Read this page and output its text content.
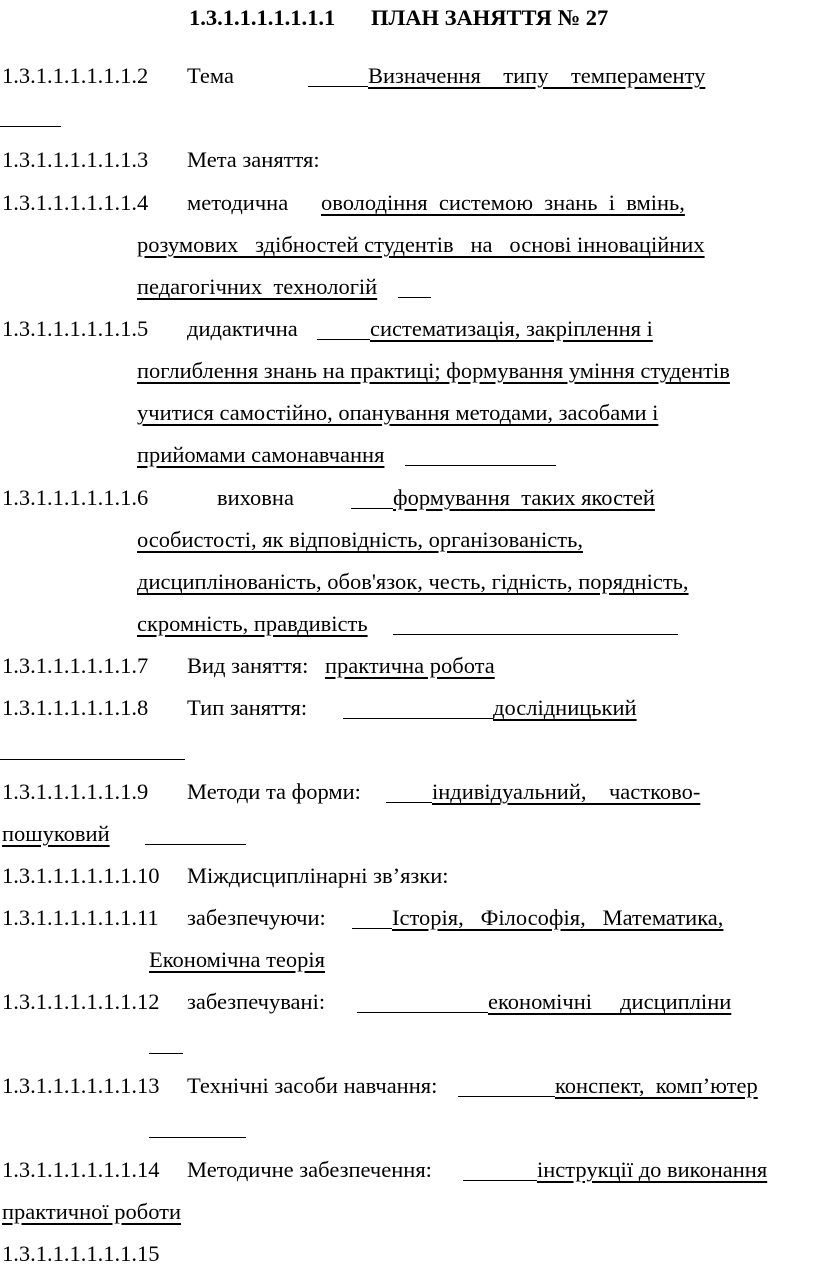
1.3.1.1.1.1.1.1.1 ПЛАН ЗАНЯТТЯ № 27
1.3.1.1.1.1.1.1.2 Тема	Визначення    типу    темпераменту
1.3.1.1.1.1.1.1.3 Мета заняття:
1.3.1.1.1.1.1.1.4 методична оволодіння  системою  знань  і  вмінь,
розумових   здібностей студентів   на   основі інноваційних
педагогічних  технологій
1.3.1.1.1.1.1.1.5 дидактична	систематизація, закріплення і
поглиблення знань на практиці; формування уміння студентів
учитися самостійно, опанування методами, засобами і
прийомами самонавчання
1.3.1.1.1.1.1.1.6	виховна	формування  таких якостей
особистості, як відповідність, організованість,
дисциплінованість, обов'язок, честь, гідність, порядність,
скромність, правдивість
1.3.1.1.1.1.1.1.7 Вид заняття: практична робота
1.3.1.1.1.1.1.1.8 Тип заняття:	дослідницький
1.3.1.1.1.1.1.1.9 Методи та форми:	індивідуальний,    частково-
пошуковий
1.3.1.1.1.1.1.1.10 Міждисциплінарні зв’язки:
1.3.1.1.1.1.1.1.11 забезпечуючи:	Історія,   Філософія,   Математика,
Економічна теорія
1.3.1.1.1.1.1.1.12 забезпечувані:	економічні     дисципліни
1.3.1.1.1.1.1.1.13 Технічні засоби навчання:	конспект,  комп’ютер
1.3.1.1.1.1.1.1.14 Методичне забезпечення:	інструкції до виконання
практичної роботи
1.3.1.1.1.1.1.1.15
